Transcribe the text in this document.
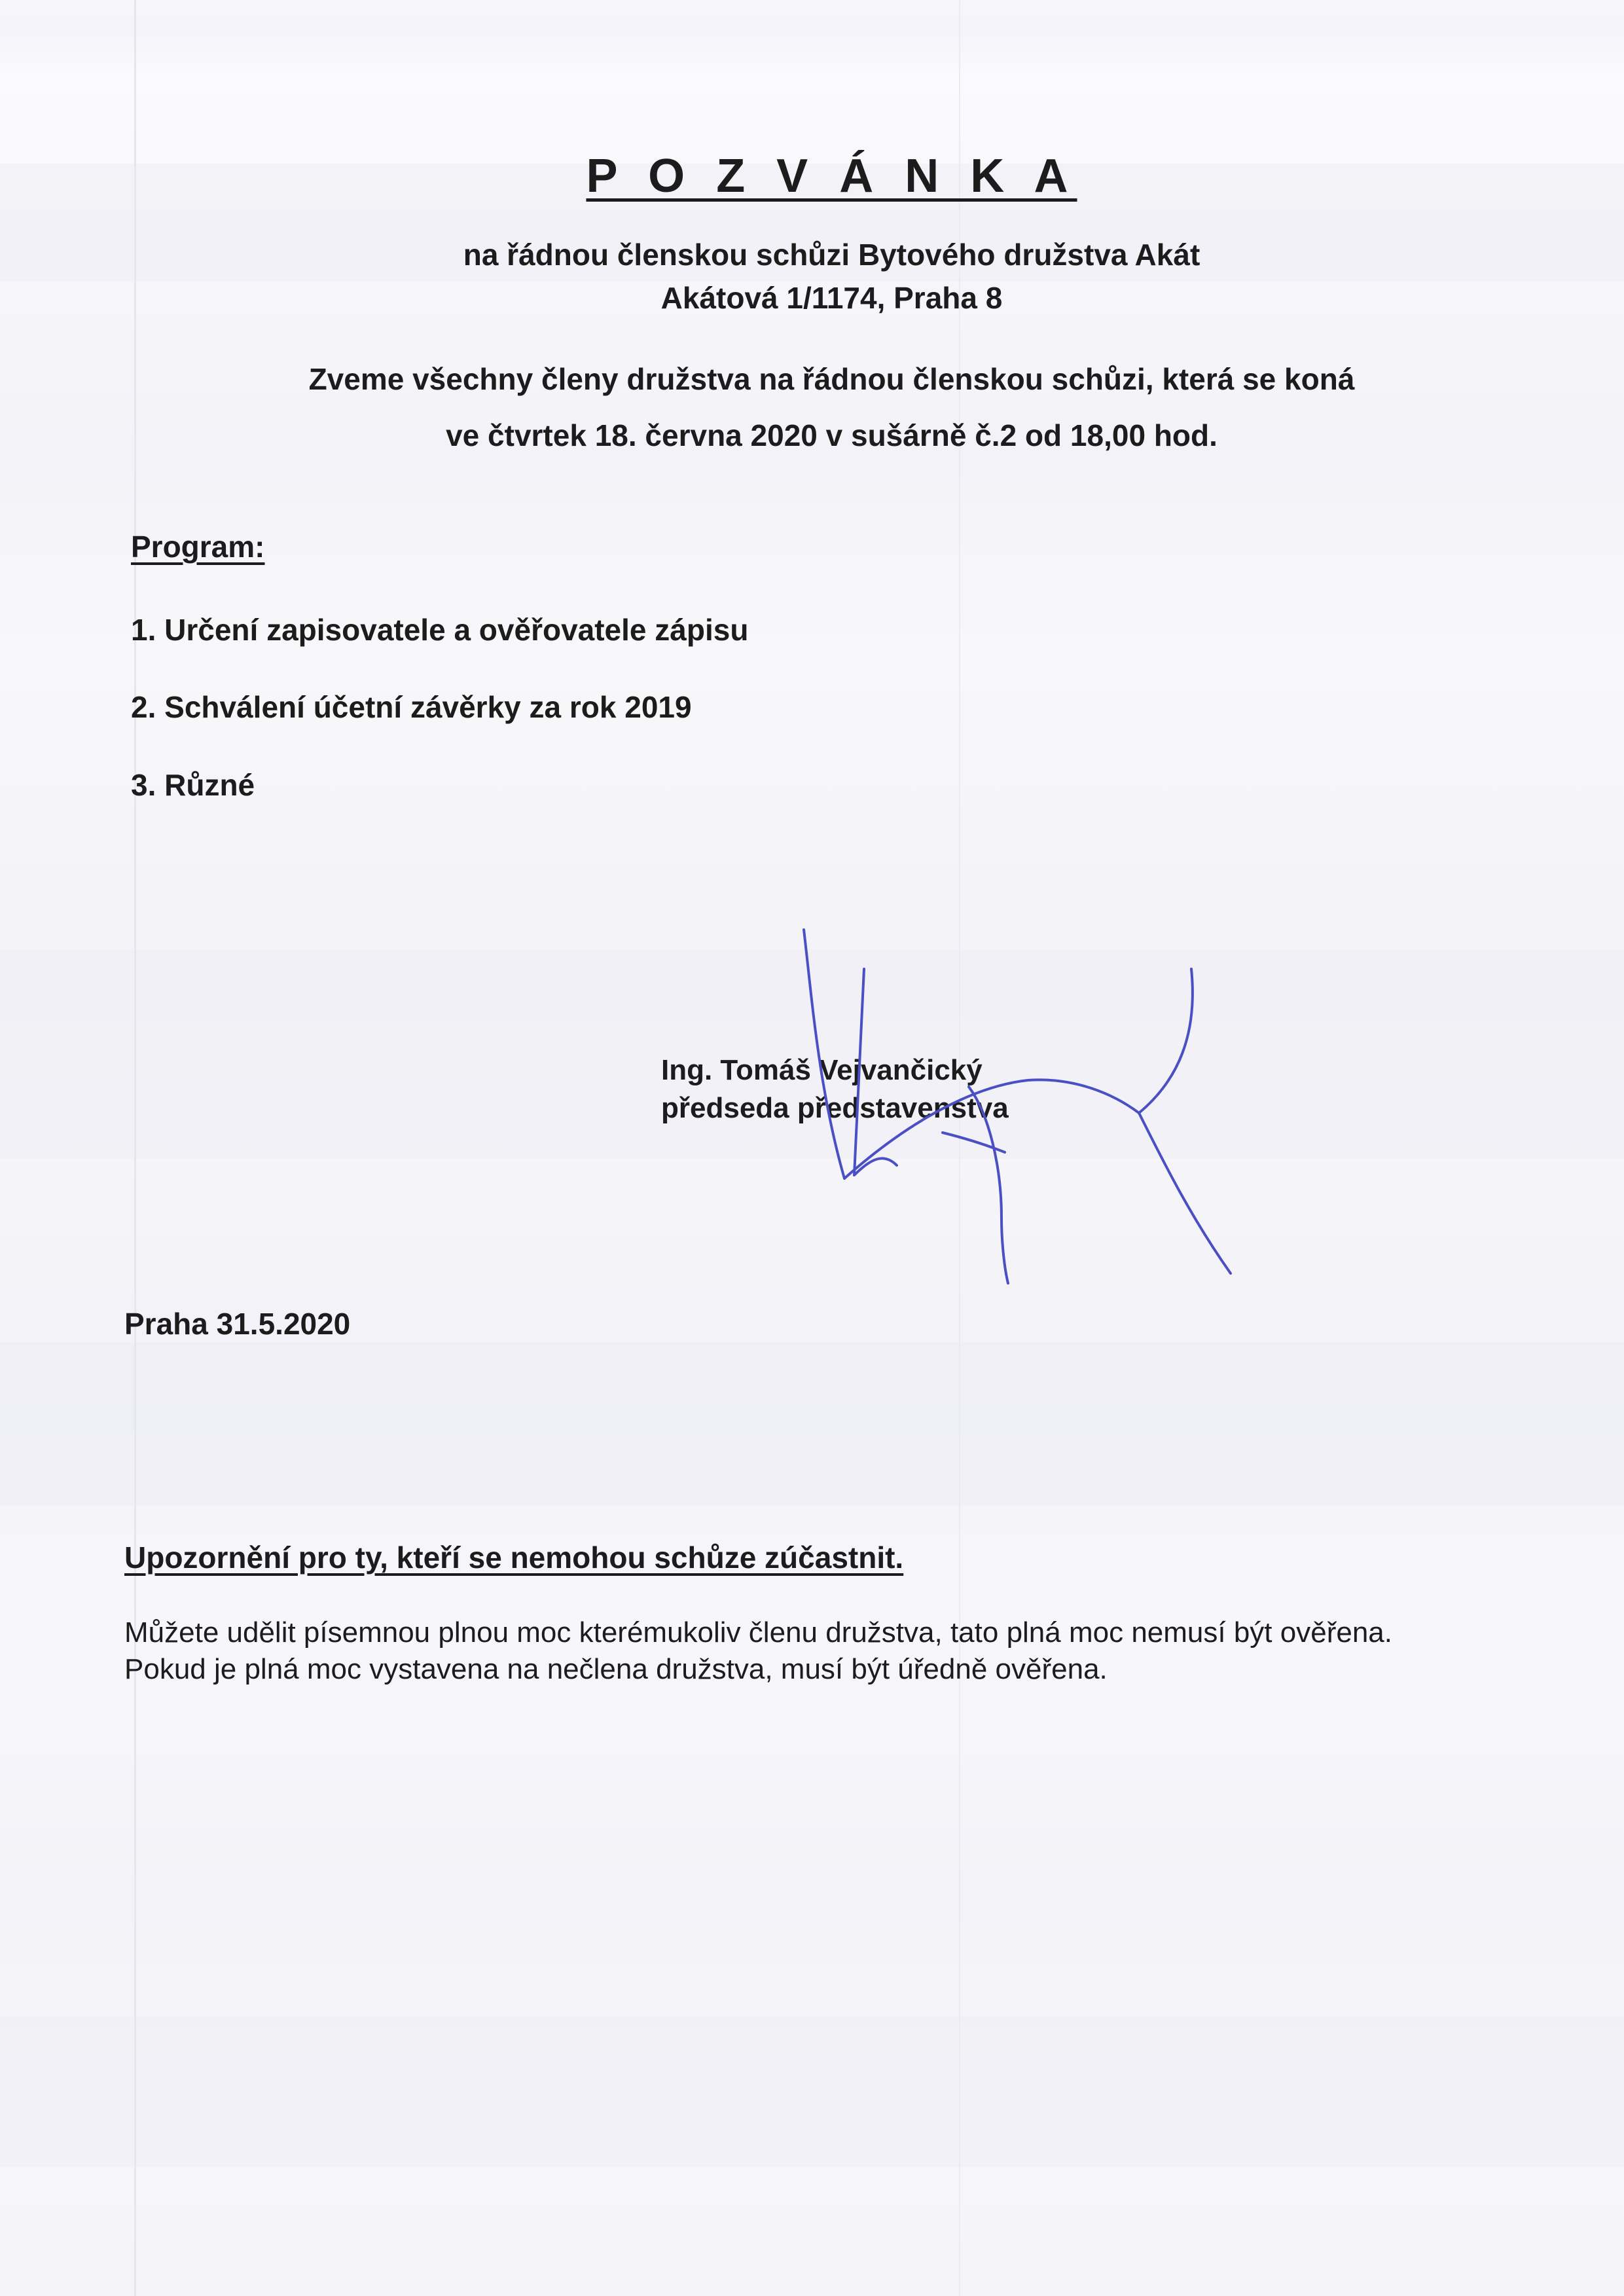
P O Z V Á N K A
na řádnou členskou schůzi Bytového družstva Akát
Akátová 1/1174, Praha 8
Zveme všechny členy družstva na řádnou členskou schůzi, která se koná
ve čtvrtek 18. června 2020 v sušárně č.2 od 18,00 hod.
Program:
1. Určení zapisovatele a ověřovatele zápisu
2. Schválení účetní závěrky za rok 2019
3. Různé
Ing. Tomáš Vejvančický
předseda představenstva
Praha 31.5.2020
Upozornění pro ty, kteří se nemohou schůze zúčastnit.

Můžete udělit písemnou plnou moc kterémukoliv členu družstva, tato plná moc nemusí být ověřena.

Pokud je plná moc vystavena na nečlena družstva, musí být úředně ověřena.
